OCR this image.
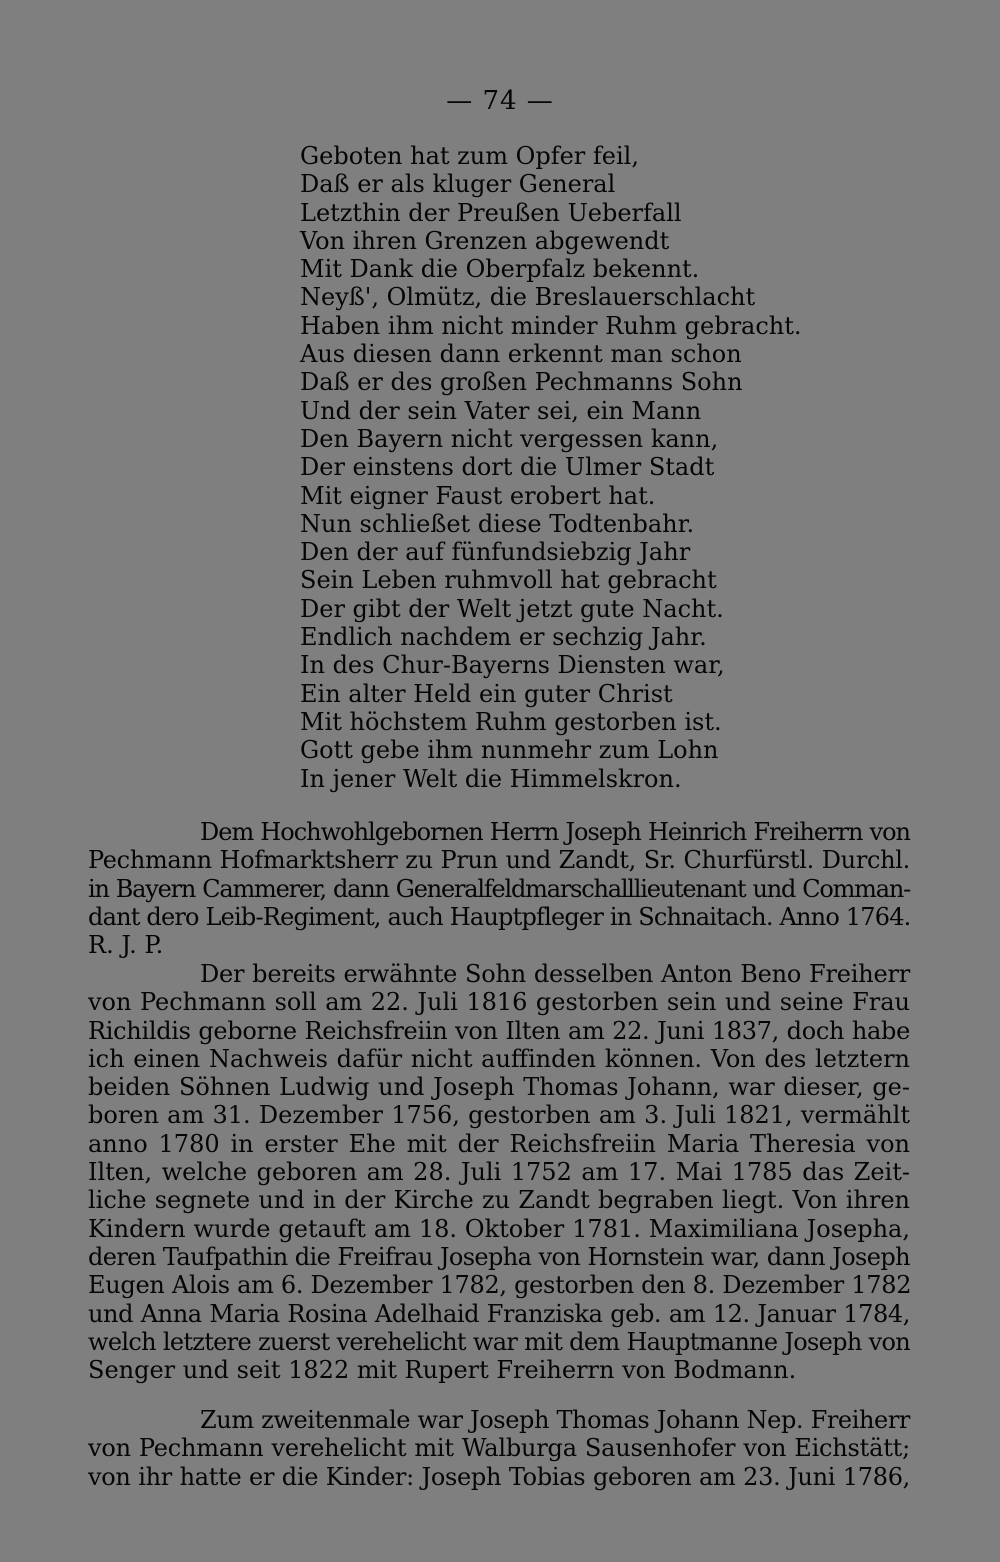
— 74 —
Geboten hat zum Opfer feil,
Daß er als kluger General
Letzthin der Preußen Ueberfall
Von ihren Grenzen abgewendt
Mit Dank die Oberpfalz bekennt.
Neyß', Olmütz, die Breslauerschlacht
Haben ihm nicht minder Ruhm gebracht.
Aus diesen dann erkennt man schon
Daß er des großen Pechmanns Sohn
Und der sein Vater sei, ein Mann
Den Bayern nicht vergessen kann,
Der einstens dort die Ulmer Stadt
Mit eigner Faust erobert hat.
Nun schließet diese Todtenbahr.
Den der auf fünfundsiebzig Jahr
Sein Leben ruhmvoll hat gebracht
Der gibt der Welt jetzt gute Nacht.
Endlich nachdem er sechzig Jahr.
In des Chur-Bayerns Diensten war,
Ein alter Held ein guter Christ
Mit höchstem Ruhm gestorben ist.
Gott gebe ihm nunmehr zum Lohn
In jener Welt die Himmelskron.
Dem Hochwohlgebornen Herrn Joseph Heinrich Freiherrn von
Pechmann Hofmarktsherr zu Prun und Zandt, Sr. Churfürstl. Durchl.
in Bayern Cammerer, dann Generalfeldmarschalllieutenant und Comman-
dant dero Leib-Regiment, auch Hauptpfleger in Schnaitach. Anno 1764.
R. J. P.
Der bereits erwähnte Sohn desselben Anton Beno Freiherr
von Pechmann soll am 22. Juli 1816 gestorben sein und seine Frau
Richildis geborne Reichsfreiin von Ilten am 22. Juni 1837, doch habe
ich einen Nachweis dafür nicht auffinden können. Von des letztern
beiden Söhnen Ludwig und Joseph Thomas Johann, war dieser, ge-
boren am 31. Dezember 1756, gestorben am 3. Juli 1821, vermählt
anno 1780 in erster Ehe mit der Reichsfreiin Maria Theresia von
Ilten, welche geboren am 28. Juli 1752 am 17. Mai 1785 das Zeit-
liche segnete und in der Kirche zu Zandt begraben liegt. Von ihren
Kindern wurde getauft am 18. Oktober 1781. Maximiliana Josepha,
deren Taufpathin die Freifrau Josepha von Hornstein war, dann Joseph
Eugen Alois am 6. Dezember 1782, gestorben den 8. Dezember 1782
und Anna Maria Rosina Adelhaid Franziska geb. am 12. Januar 1784,
welch letztere zuerst verehelicht war mit dem Hauptmanne Joseph von
Senger und seit 1822 mit Rupert Freiherrn von Bodmann.
Zum zweitenmale war Joseph Thomas Johann Nep. Freiherr
von Pechmann verehelicht mit Walburga Sausenhofer von Eichstätt;
von ihr hatte er die Kinder: Joseph Tobias geboren am 23. Juni 1786,
